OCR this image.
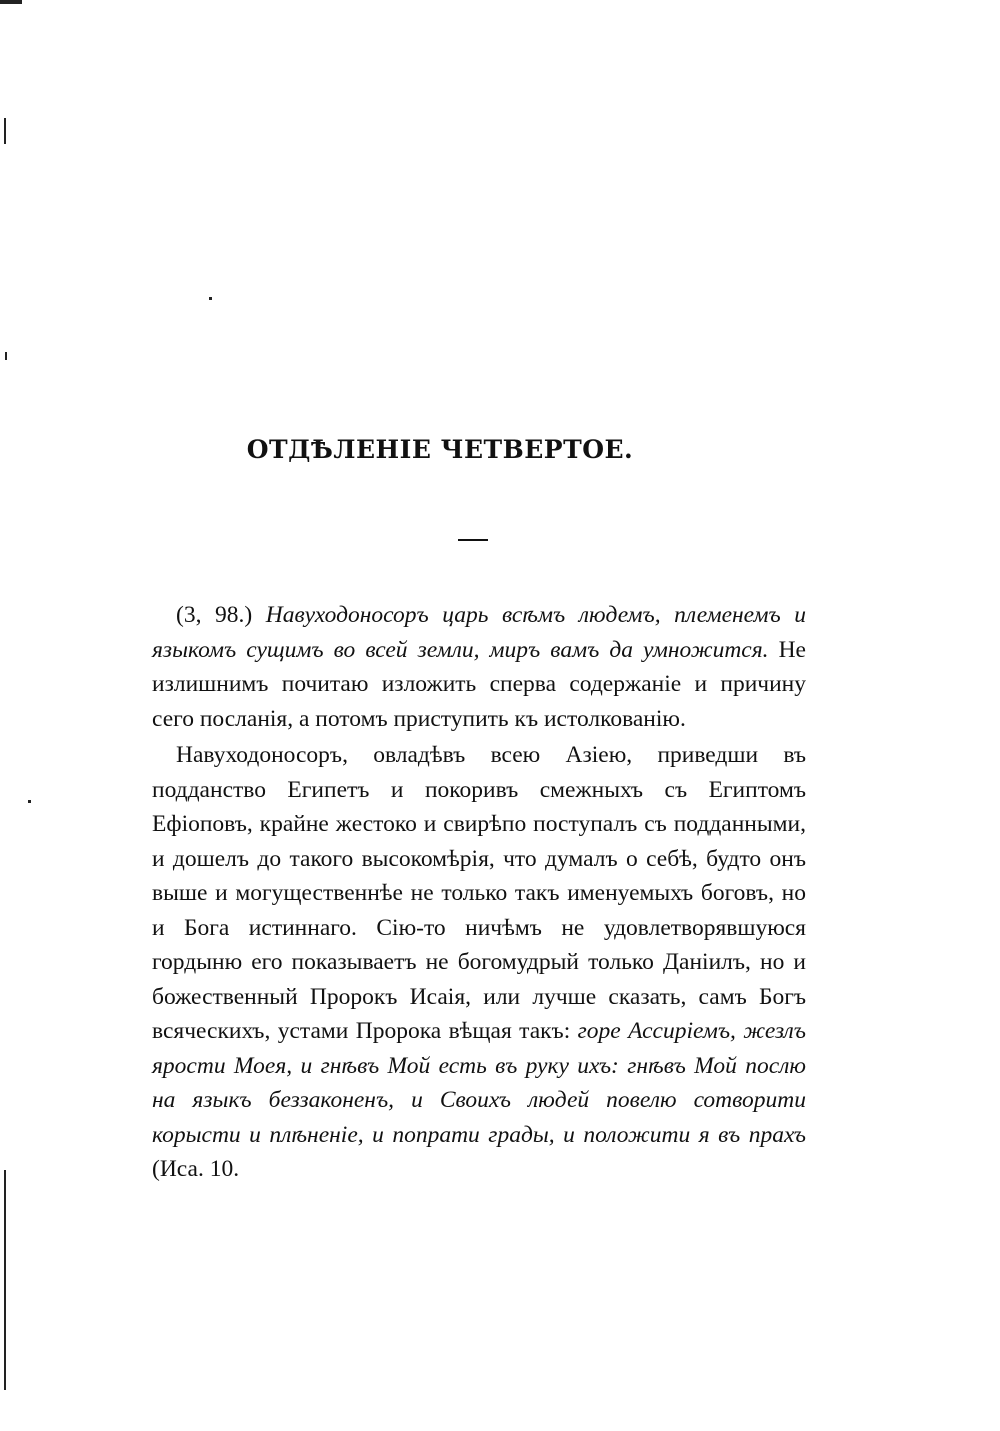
ОТДѢЛЕНІЕ ЧЕТВЕРТОЕ.

(3, 98.) Навуходоносоръ царь всѣмъ людемъ, племенемъ и языкомъ сущимъ во всей земли, миръ вамъ да умножится. Не излишнимъ почитаю изложить сперва содержаніе и причину сего посланія, а потомъ приступить къ истолкованію.

Навуходоносоръ, овладѣвъ всею Азіею, приведши въ подданство Египетъ и покоривъ смежныхъ съ Египтомъ Ефіоповъ, крайне жестоко и свирѣпо поступалъ съ подданными, и дошелъ до такого высокомѣрія, что думалъ о себѣ, будто онъ выше и могущественнѣе не только такъ именуемыхъ боговъ, но и Бога истиннаго. Сію-то ничѣмъ не удовлетворявшуюся гордыню его показываетъ не богомудрый только Даніилъ, но и божественный Пророкъ Исаія, или лучше сказать, самъ Богъ всяческихъ, устами Пророка вѣщая такъ: горе Ассиріемъ, жезлъ ярости Моея, и гнѣвъ Мой есть въ руку ихъ: гнѣвъ Мой послю на языкъ беззаконенъ, и Своихъ людей повелю сотворити корысти и плѣненіе, и попрати грады, и положити я въ прахъ (Иса. 10.
